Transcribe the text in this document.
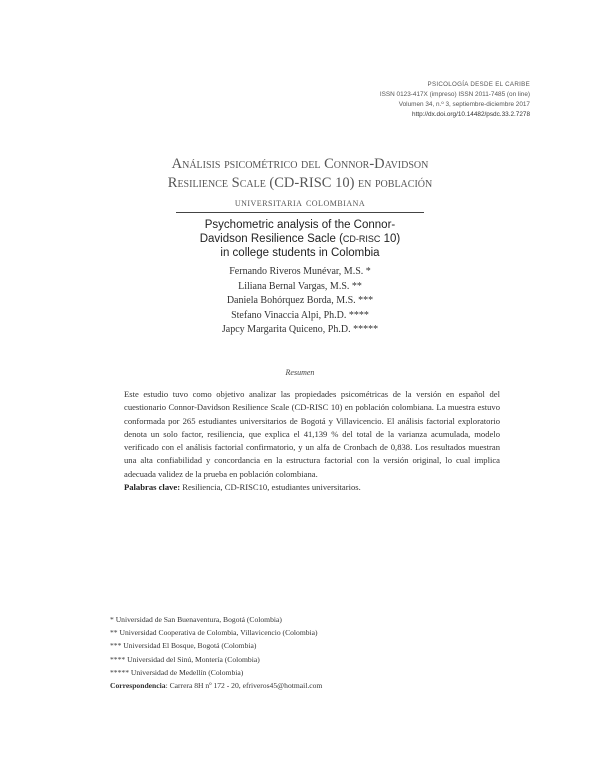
PSICOLOGÍA DESDE EL CARIBE
ISSN 0123-417X (impreso) ISSN 2011-7485 (on line)
Volumen 34, n.º 3, septiembre-diciembre 2017
http://dx.doi.org/10.14482/psdc.33.2.7278
Análisis psicométrico del Connor-Davidson
Resilience Scale (CD-RISC 10) en población
universitaria colombiana
Psychometric analysis of the Connor-
Davidson Resilience Sacle (CD-RISC 10)
in college students in Colombia
Fernando Riveros Munévar, M.S. *
Liliana Bernal Vargas, M.S. **
Daniela Bohórquez Borda, M.S. ***
Stefano Vinaccia Alpi, Ph.D. ****
Japcy Margarita Quiceno, Ph.D. *****
Resumen

Este estudio tuvo como objetivo analizar las propiedades psicométricas de la versión en español del cuestionario Connor-Davidson Resilience Scale (CD-RISC 10) en población colombiana. La muestra estuvo conformada por 265 estudiantes universitarios de Bogotá y Villavicencio. El análisis factorial exploratorio denota un solo factor, resiliencia, que explica el 41,139 % del total de la varianza acumulada, modelo verificado con el análisis factorial confirmatorio, y un alfa de Cronbach de 0,838. Los resultados muestran una alta confiabilidad y concordancia en la estructura factorial con la versión original, lo cual implica adecuada validez de la prueba en población colombiana.

Palabras clave: Resiliencia, CD-RISC10, estudiantes universitarios.

* Universidad de San Buenaventura, Bogotá (Colombia)
** Universidad Cooperativa de Colombia, Villavicencio (Colombia)
*** Universidad El Bosque, Bogotá (Colombia)
**** Universidad del Sinú, Montería (Colombia)
***** Universidad de Medellín (Colombia)
Correspondencia: Carrera 8H nº 172 - 20, efriveros45@hotmail.com
